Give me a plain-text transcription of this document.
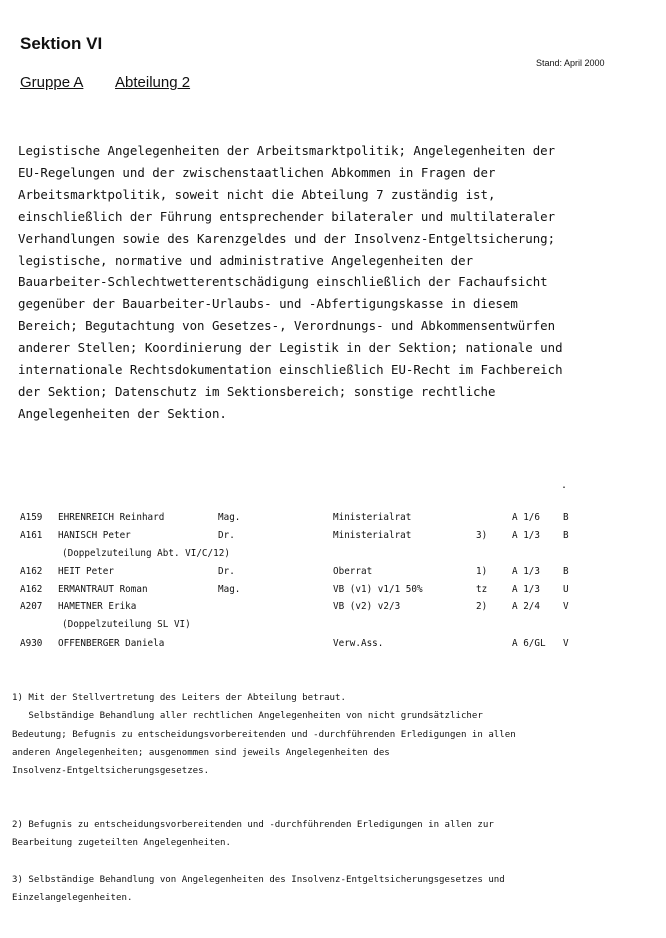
Sektion VI
Stand: April 2000
Gruppe A Abteilung 2
Legistische Angelegenheiten der Arbeitsmarktpolitik; Angelegenheiten der
EU-Regelungen und der zwischenstaatlichen Abkommen in Fragen der
Arbeitsmarktpolitik, soweit nicht die Abteilung 7 zuständig ist,
einschließlich der Führung entsprechender bilateraler und multilateraler
Verhandlungen sowie des Karenzgeldes und der Insolvenz-Entgeltsicherung;
legistische, normative und administrative Angelegenheiten der
Bauarbeiter-Schlechtwetterentschädigung einschließlich der Fachaufsicht
gegenüber der Bauarbeiter-Urlaubs- und -Abfertigungskasse in diesem
Bereich; Begutachtung von Gesetzes-, Verordnungs- und Abkommensentwürfen
anderer Stellen; Koordinierung der Legistik in der Sektion; nationale und
internationale Rechtsdokumentation einschließlich EU-Recht im Fachbereich
der Sektion; Datenschutz im Sektionsbereich; sonstige rechtliche
Angelegenheiten der Sektion.
.
A159 EHRENREICH Reinhard	Mag.	Ministerialrat	A 1/6 B
A161 HANISCH Peter	Dr.	Ministerialrat	3)	A 1/3 B
(Doppelzuteilung Abt. VI/C/12)
A162 HEIT Peter	Dr.	Oberrat	1)	A 1/3 B
A162 ERMANTRAUT Roman	Mag.	VB (v1) v1/1 50%	tz	A 1/3 U
A207 HAMETNER Erika	VB (v2) v2/3	2)	A 2/4 V
(Doppelzuteilung SL VI)
A930 OFFENBERGER Daniela	Verw.Ass.	A 6/GL V
1) Mit der Stellvertretung des Leiters der Abteilung betraut.
Selbständige Behandlung aller rechtlichen Angelegenheiten von nicht grundsätzlicher
Bedeutung; Befugnis zu entscheidungsvorbereitenden und -durchführenden Erledigungen in allen
anderen Angelegenheiten; ausgenommen sind jeweils Angelegenheiten des
Insolvenz-Entgeltsicherungsgesetzes.
2) Befugnis zu entscheidungsvorbereitenden und -durchführenden Erledigungen in allen zur
Bearbeitung zugeteilten Angelegenheiten.
3) Selbständige Behandlung von Angelegenheiten des Insolvenz-Entgeltsicherungsgesetzes und
Einzelangelegenheiten.
